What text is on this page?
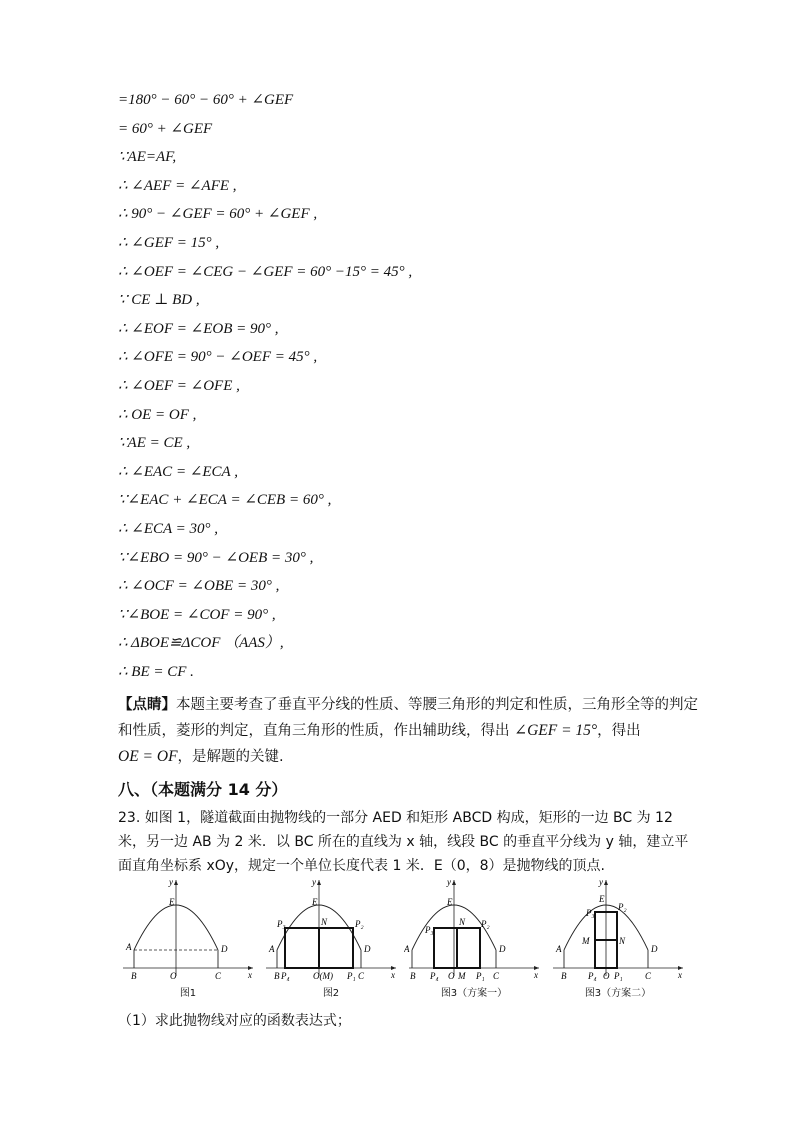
=180° − 60° − 60° + ∠GEF
= 60° + ∠GEF
∵AE=AF,
∴ ∠AEF = ∠AFE ,
∴ 90° − ∠GEF = 60° + ∠GEF ,
∴ ∠GEF = 15° ,
∴ ∠OEF = ∠CEG − ∠GEF = 60° −15° = 45° ,
∵ CE ⊥ BD ,
∴ ∠EOF = ∠EOB = 90° ,
∴ ∠OFE = 90° − ∠OEF = 45° ,
∴ ∠OEF = ∠OFE ,
∴ OE = OF ,
∵AE = CE ,
∴ ∠EAC = ∠ECA ,
∵∠EAC + ∠ECA = ∠CEB = 60° ,
∴ ∠ECA = 30° ,
∵∠EBO = 90° − ∠OEB = 30° ,
∴ ∠OCF = ∠OBE = 30° ,
∵∠BOE = ∠COF = 90° ,
∴ ΔBOE≌ΔCOF （AAS）,
∴ BE = CF .
【点睛】本题主要考查了垂直平分线的性质、等腰三角形的判定和性质，三角形全等的判定和性质，菱形的判定，直角三角形的性质，作出辅助线，得出 ∠GEF = 15°，得出
OE = OF，是解题的关键.
八、（本题满分 14 分）
23. 如图 1，隧道截面由抛物线的一部分 AED 和矩形 ABCD 构成，矩形的一边 BC 为 12 米，另一边 AB 为 2 米．以 BC 所在的直线为 x 轴，线段 BC 的垂直平分线为 y 轴，建立平面直角坐标系 xOy，规定一个单位长度代表 1 米．E（0，8）是抛物线的顶点.
y
E
A	D
B	O	C	x
图1
y
E
P₃	N	P₂
A	D
B P₄	O(M) P₁ C	x
图2
y
E
P₃
N P₂
A	D
B P₄ O M P₁ C	x
图3（方案一）
y
E
P₃
P₂
M	N
A	D
B P₄ O P₁ C	x
图3（方案二）
（1）求此抛物线对应的函数表达式；
